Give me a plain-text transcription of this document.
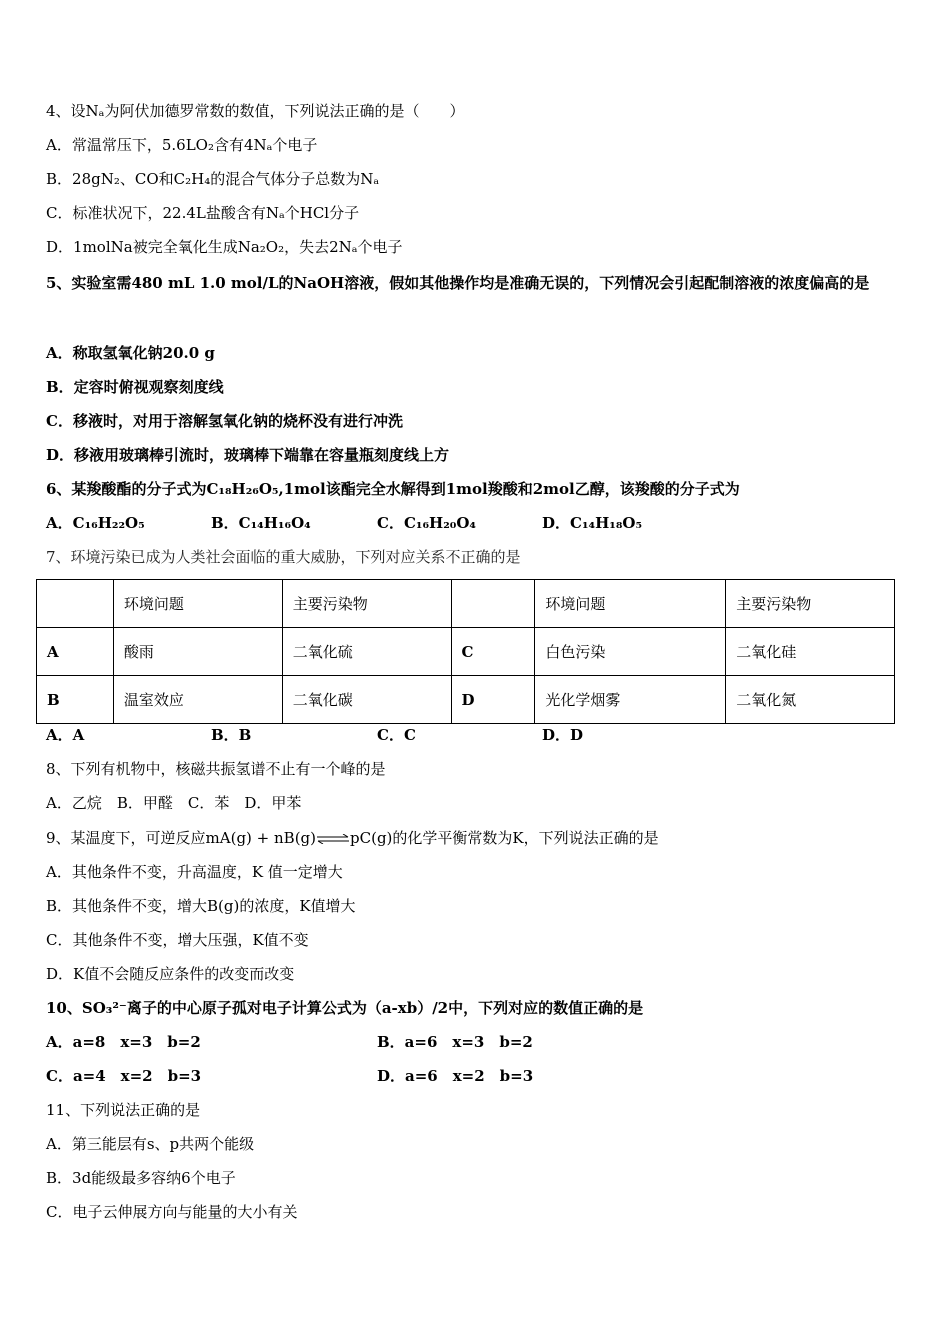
4、设Nₐ为阿伏加德罗常数的数值，下列说法正确的是（　　）
A．常温常压下，5.6LO₂含有4Nₐ个电子
B．28gN₂、CO和C₂H₄的混合气体分子总数为Nₐ
C．标准状况下，22.4L盐酸含有Nₐ个HCl分子
D．1molNa被完全氧化生成Na₂O₂，失去2Nₐ个电子
5、实验室需480 mL 1.0 mol/L的NaOH溶液，假如其他操作均是准确无误的，下列情况会引起配制溶液的浓度偏高的是
A．称取氢氧化钠20.0 g
B．定容时俯视观察刻度线
C．移液时，对用于溶解氢氧化钠的烧杯没有进行冲洗
D．移液用玻璃棒引流时，玻璃棒下端靠在容量瓶刻度线上方
6、某羧酸酯的分子式为C₁₈H₂₆O₅,1mol该酯完全水解得到1mol羧酸和2mol乙醇，该羧酸的分子式为
A．C₁₆H₂₂O₅	B．C₁₄H₁₆O₄	C．C₁₆H₂₀O₄	D．C₁₄H₁₈O₅
7、环境污染已成为人类社会面临的重大威胁，下列对应关系不正确的是
	环境问题	主要污染物		环境问题	主要污染物
A	酸雨	二氧化硫	C	白色污染	二氧化硅
B	温室效应	二氧化碳	D	光化学烟雾	二氧化氮
A．A	B．B	C．C	D．D
8、下列有机物中，核磁共振氢谱不止有一个峰的是
A．乙烷　B．甲醛　C．苯　D．甲苯
9、某温度下，可逆反应mA(g) + nB(g)⇌pC(g)的化学平衡常数为K，下列说法正确的是
A．其他条件不变，升高温度，K 值一定增大
B．其他条件不变，增大B(g)的浓度，K值增大
C．其他条件不变，增大压强，K值不变
D．K值不会随反应条件的改变而改变
10、SO₃²⁻离子的中心原子孤对电子计算公式为（a-xb）/2中，下列对应的数值正确的是
A．a=8　x=3　b=2	B．a=6　x=3　b=2
C．a=4　x=2　b=3	D．a=6　x=2　b=3
11、下列说法正确的是
A．第三能层有s、p共两个能级
B．3d能级最多容纳6个电子
C．电子云伸展方向与能量的大小有关
